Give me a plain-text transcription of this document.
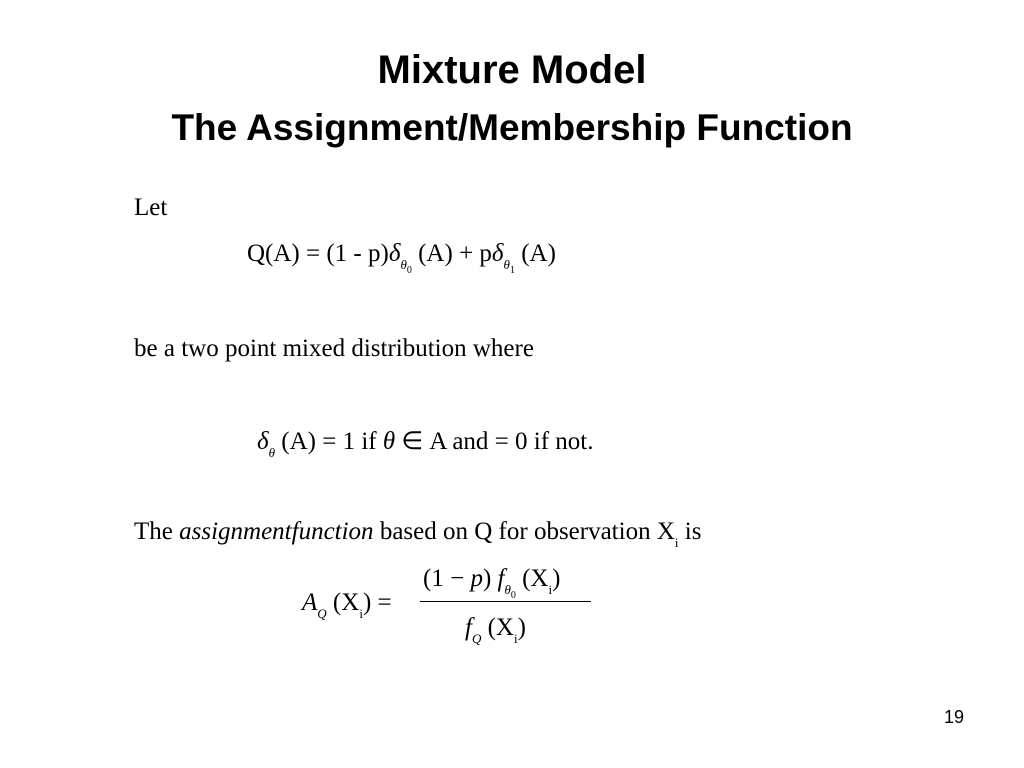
Mixture Model
The Assignment/Membership Function
Let
$Q(A) = (1 - p)\delta_{\theta_0}$ $(A) + p\delta_{\theta_1}$ (A)
be a two point mixed distribution where
$\delta_\theta$ (A) = 1 if θ ∈ A and = 0 if not.
The assignmentfunction based on Q for observation $X_i$ is
$A_Q$ $(X_i)$ =
(1 − p) $f_{\theta_0}$ $(X_i)$
$f_Q$ $(X_i)$
19
